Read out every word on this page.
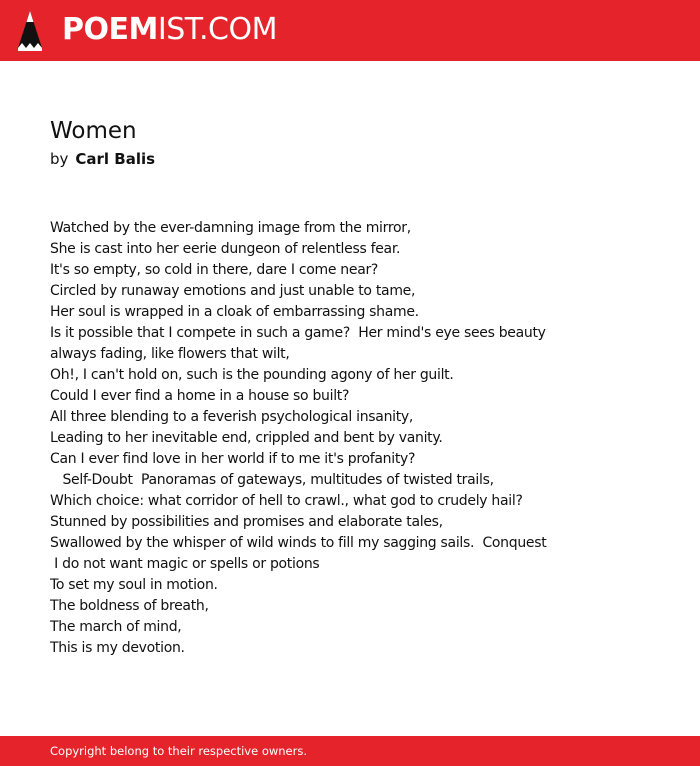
POEMIST.COM
Women
by Carl Balis
Watched by the ever-damning image from the mirror,
She is cast into her eerie dungeon of relentless fear.
It's so empty, so cold in there, dare I come near?
Circled by runaway emotions and just unable to tame,
Her soul is wrapped in a cloak of embarrassing shame.
Is it possible that I compete in such a game?  Her mind's eye sees beauty
always fading, like flowers that wilt,
Oh!, I can't hold on, such is the pounding agony of her guilt.
Could I ever find a home in a house so built?
All three blending to a feverish psychological insanity,
Leading to her inevitable end, crippled and bent by vanity.
Can I ever find love in her world if to me it's profanity?
Self-Doubt  Panoramas of gateways, multitudes of twisted trails,
Which choice: what corridor of hell to crawl., what god to crudely hail?
Stunned by possibilities and promises and elaborate tales,
Swallowed by the whisper of wild winds to fill my sagging sails.  Conquest
I do not want magic or spells or potions
To set my soul in motion.
The boldness of breath,
The march of mind,
This is my devotion.
Copyright belong to their respective owners.
